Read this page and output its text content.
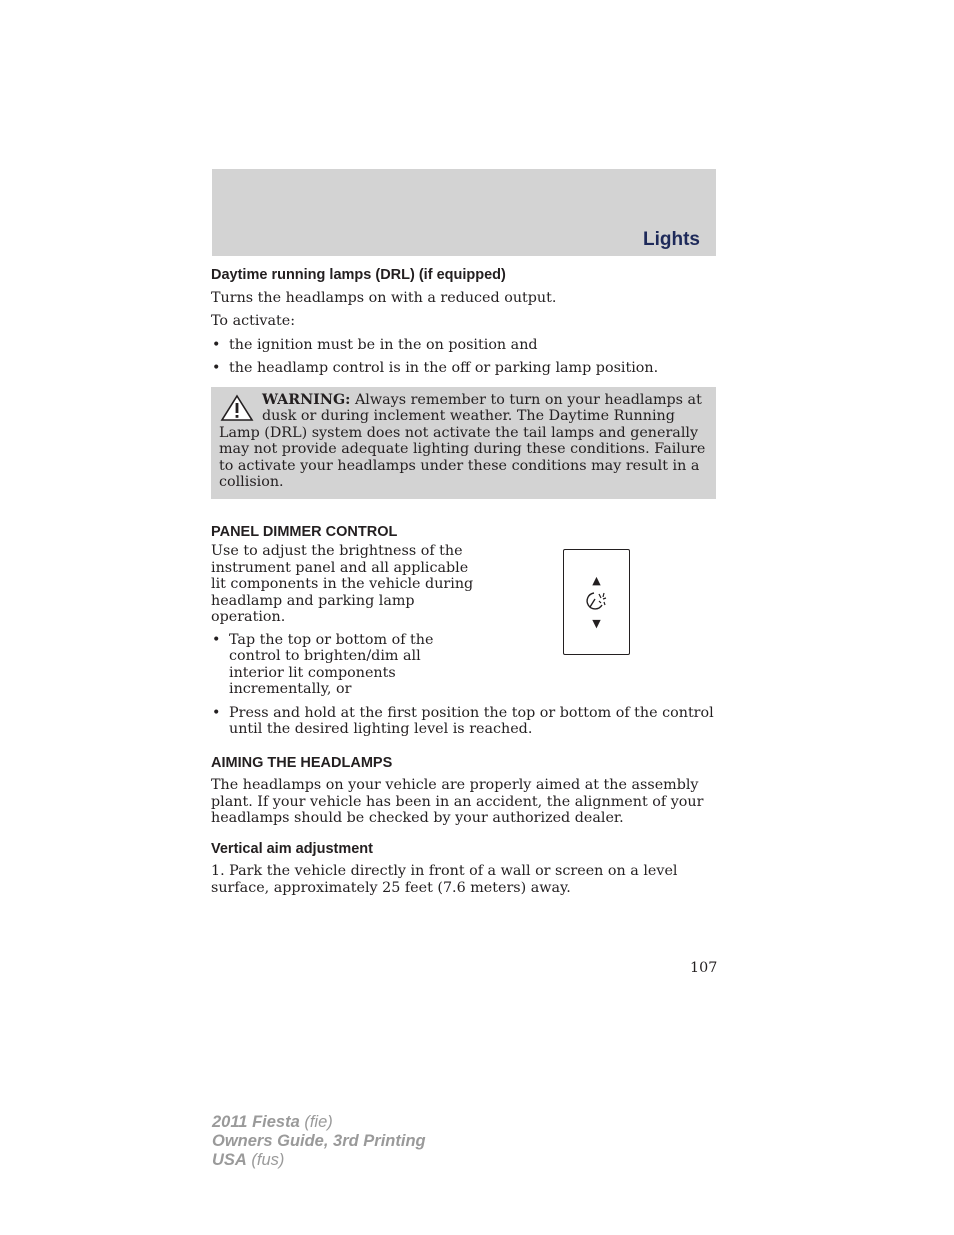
Lights
Daytime running lamps (DRL) (if equipped)

Turns the headlamps on with a reduced output.

To activate:

• the ignition must be in the on position and
• the headlamp control is in the off or parking lamp position.
WARNING: Always remember to turn on your headlamps at dusk or during inclement weather. The Daytime Running Lamp (DRL) system does not activate the tail lamps and generally may not provide adequate lighting during these conditions. Failure to activate your headlamps under these conditions may result in a collision.
PANEL DIMMER CONTROL

Use to adjust the brightness of the instrument panel and all applicable lit components in the vehicle during headlamp and parking lamp operation.

• Tap the top or bottom of the control to brighten/dim all interior lit components incrementally, or
• Press and hold at the first position the top or bottom of the control until the desired lighting level is reached.
▲
▼
AIMING THE HEADLAMPS

The headlamps on your vehicle are properly aimed at the assembly plant. If your vehicle has been in an accident, the alignment of your headlamps should be checked by your authorized dealer.

Vertical aim adjustment

1. Park the vehicle directly in front of a wall or screen on a level surface, approximately 25 feet (7.6 meters) away.

107
2011 Fiesta (fie)
Owners Guide, 3rd Printing
USA (fus)
